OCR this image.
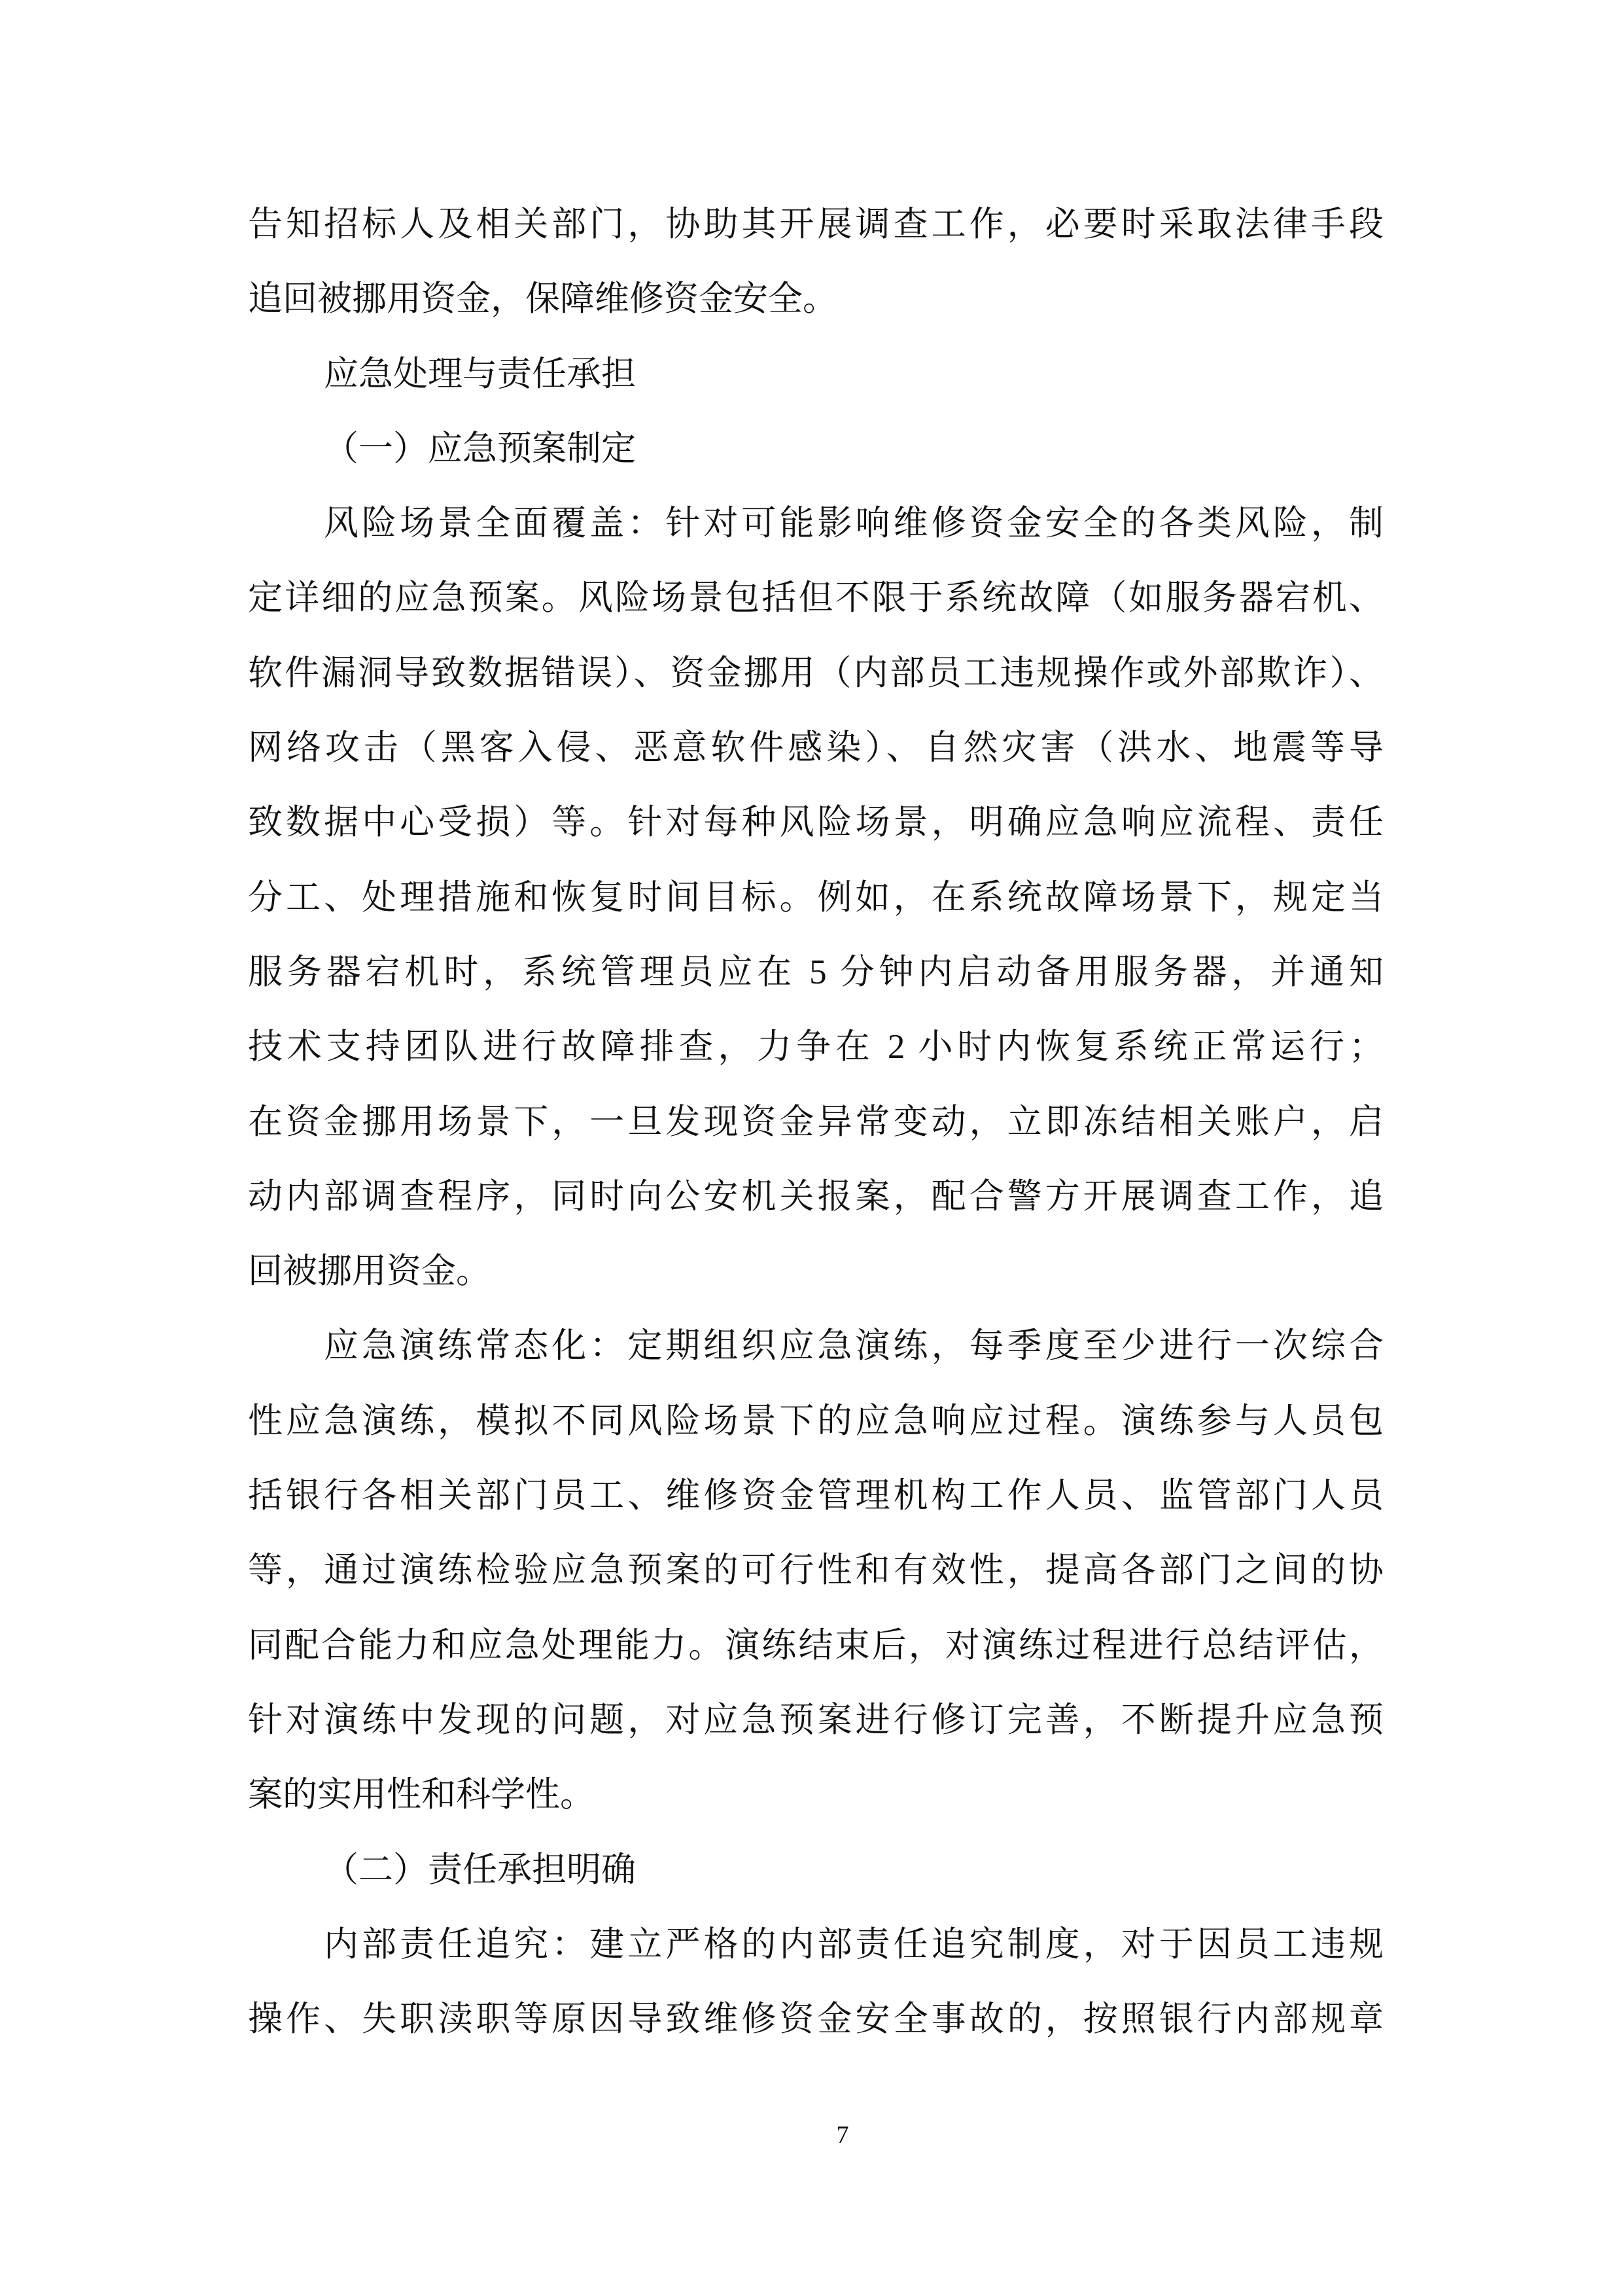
告知招标人及相关部门，协助其开展调查工作，必要时采取法律手段
追回被挪用资金，保障维修资金安全。
应急处理与责任承担
（一）应急预案制定
风险场景全面覆盖：针对可能影响维修资金安全的各类风险，制
定详细的应急预案。风险场景包括但不限于系统故障（如服务器宕机、
软件漏洞导致数据错误）、资金挪用（内部员工违规操作或外部欺诈）、
网络攻击（黑客入侵、恶意软件感染）、自然灾害（洪水、地震等导
致数据中心受损）等。针对每种风险场景，明确应急响应流程、责任
分工、处理措施和恢复时间目标。例如，在系统故障场景下，规定当
服务器宕机时，系统管理员应在 5 分钟内启动备用服务器，并通知
技术支持团队进行故障排查，力争在 2 小时内恢复系统正常运行；
在资金挪用场景下，一旦发现资金异常变动，立即冻结相关账户，启
动内部调查程序，同时向公安机关报案，配合警方开展调查工作，追
回被挪用资金。
应急演练常态化：定期组织应急演练，每季度至少进行一次综合
性应急演练，模拟不同风险场景下的应急响应过程。演练参与人员包
括银行各相关部门员工、维修资金管理机构工作人员、监管部门人员
等，通过演练检验应急预案的可行性和有效性，提高各部门之间的协
同配合能力和应急处理能力。演练结束后，对演练过程进行总结评估，
针对演练中发现的问题，对应急预案进行修订完善，不断提升应急预
案的实用性和科学性。
（二）责任承担明确
内部责任追究：建立严格的内部责任追究制度，对于因员工违规
操作、失职渎职等原因导致维修资金安全事故的，按照银行内部规章
7
